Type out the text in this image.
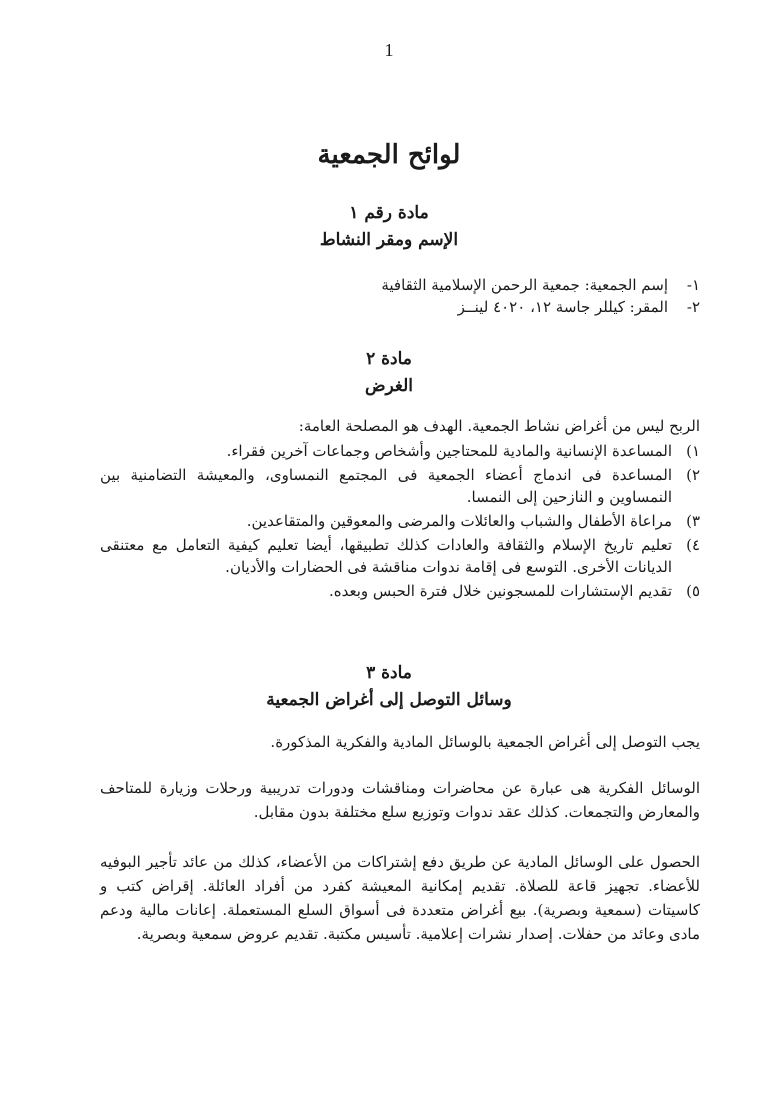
1
لوائح الجمعية
مادة رقم ١
الإسم ومقر النشاط
١-
إسم الجمعية: جمعية الرحمن الإسلامية الثقافية
٢-
المقر: كيللر جاسة ١٢، ٤٠٢٠ لينــز
مادة ٢
الغرض
الربح ليس من أغراض نشاط الجمعية. الهدف هو المصلحة العامة:
١)
المساعدة الإنسانية والمادية للمحتاجين وأشخاص وجماعات آخرين فقراء.
٢)
المساعدة فى اندماج أعضاء الجمعية فى المجتمع النمساوى، والمعيشة التضامنية بين النمساوين و النازحين إلى النمسا.
٣)
مراعاة الأطفال والشباب والعائلات والمرضى والمعوقين والمتقاعدين.
٤)
تعليم تاريخ الإسلام والثقافة والعادات كذلك تطبيقها، أيضا تعليم كيفية التعامل مع معتنقى الديانات الأخرى. التوسع فى إقامة ندوات مناقشة فى الحضارات والأديان.
٥)
تقديم الإستشارات للمسجونين خلال فترة الحبس وبعده.
مادة ٣
وسائل التوصل إلى أغراض الجمعية
يجب التوصل إلى أغراض الجمعية بالوسائل المادية والفكرية المذكورة.
الوسائل الفكرية هى عبارة عن محاضرات ومناقشات ودورات تدريبية ورحلات وزيارة للمتاحف والمعارض والتجمعات. كذلك عقد ندوات وتوزيع سلع مختلفة بدون مقابل.
الحصول على الوسائل المادية عن طريق دفع إشتراكات من الأعضاء، كذلك من عائد تأجير البوفيه للأعضاء. تجهيز قاعة للصلاة. تقديم إمكانية المعيشة كفرد من أفراد العائلة. إقراض كتب و كاسيتات (سمعية وبصرية). بيع أغراض متعددة فى أسواق السلع المستعملة. إعانات مالية ودعم مادى وعائد من حفلات. إصدار نشرات إعلامية. تأسيس مكتبة. تقديم عروض سمعية وبصرية.
